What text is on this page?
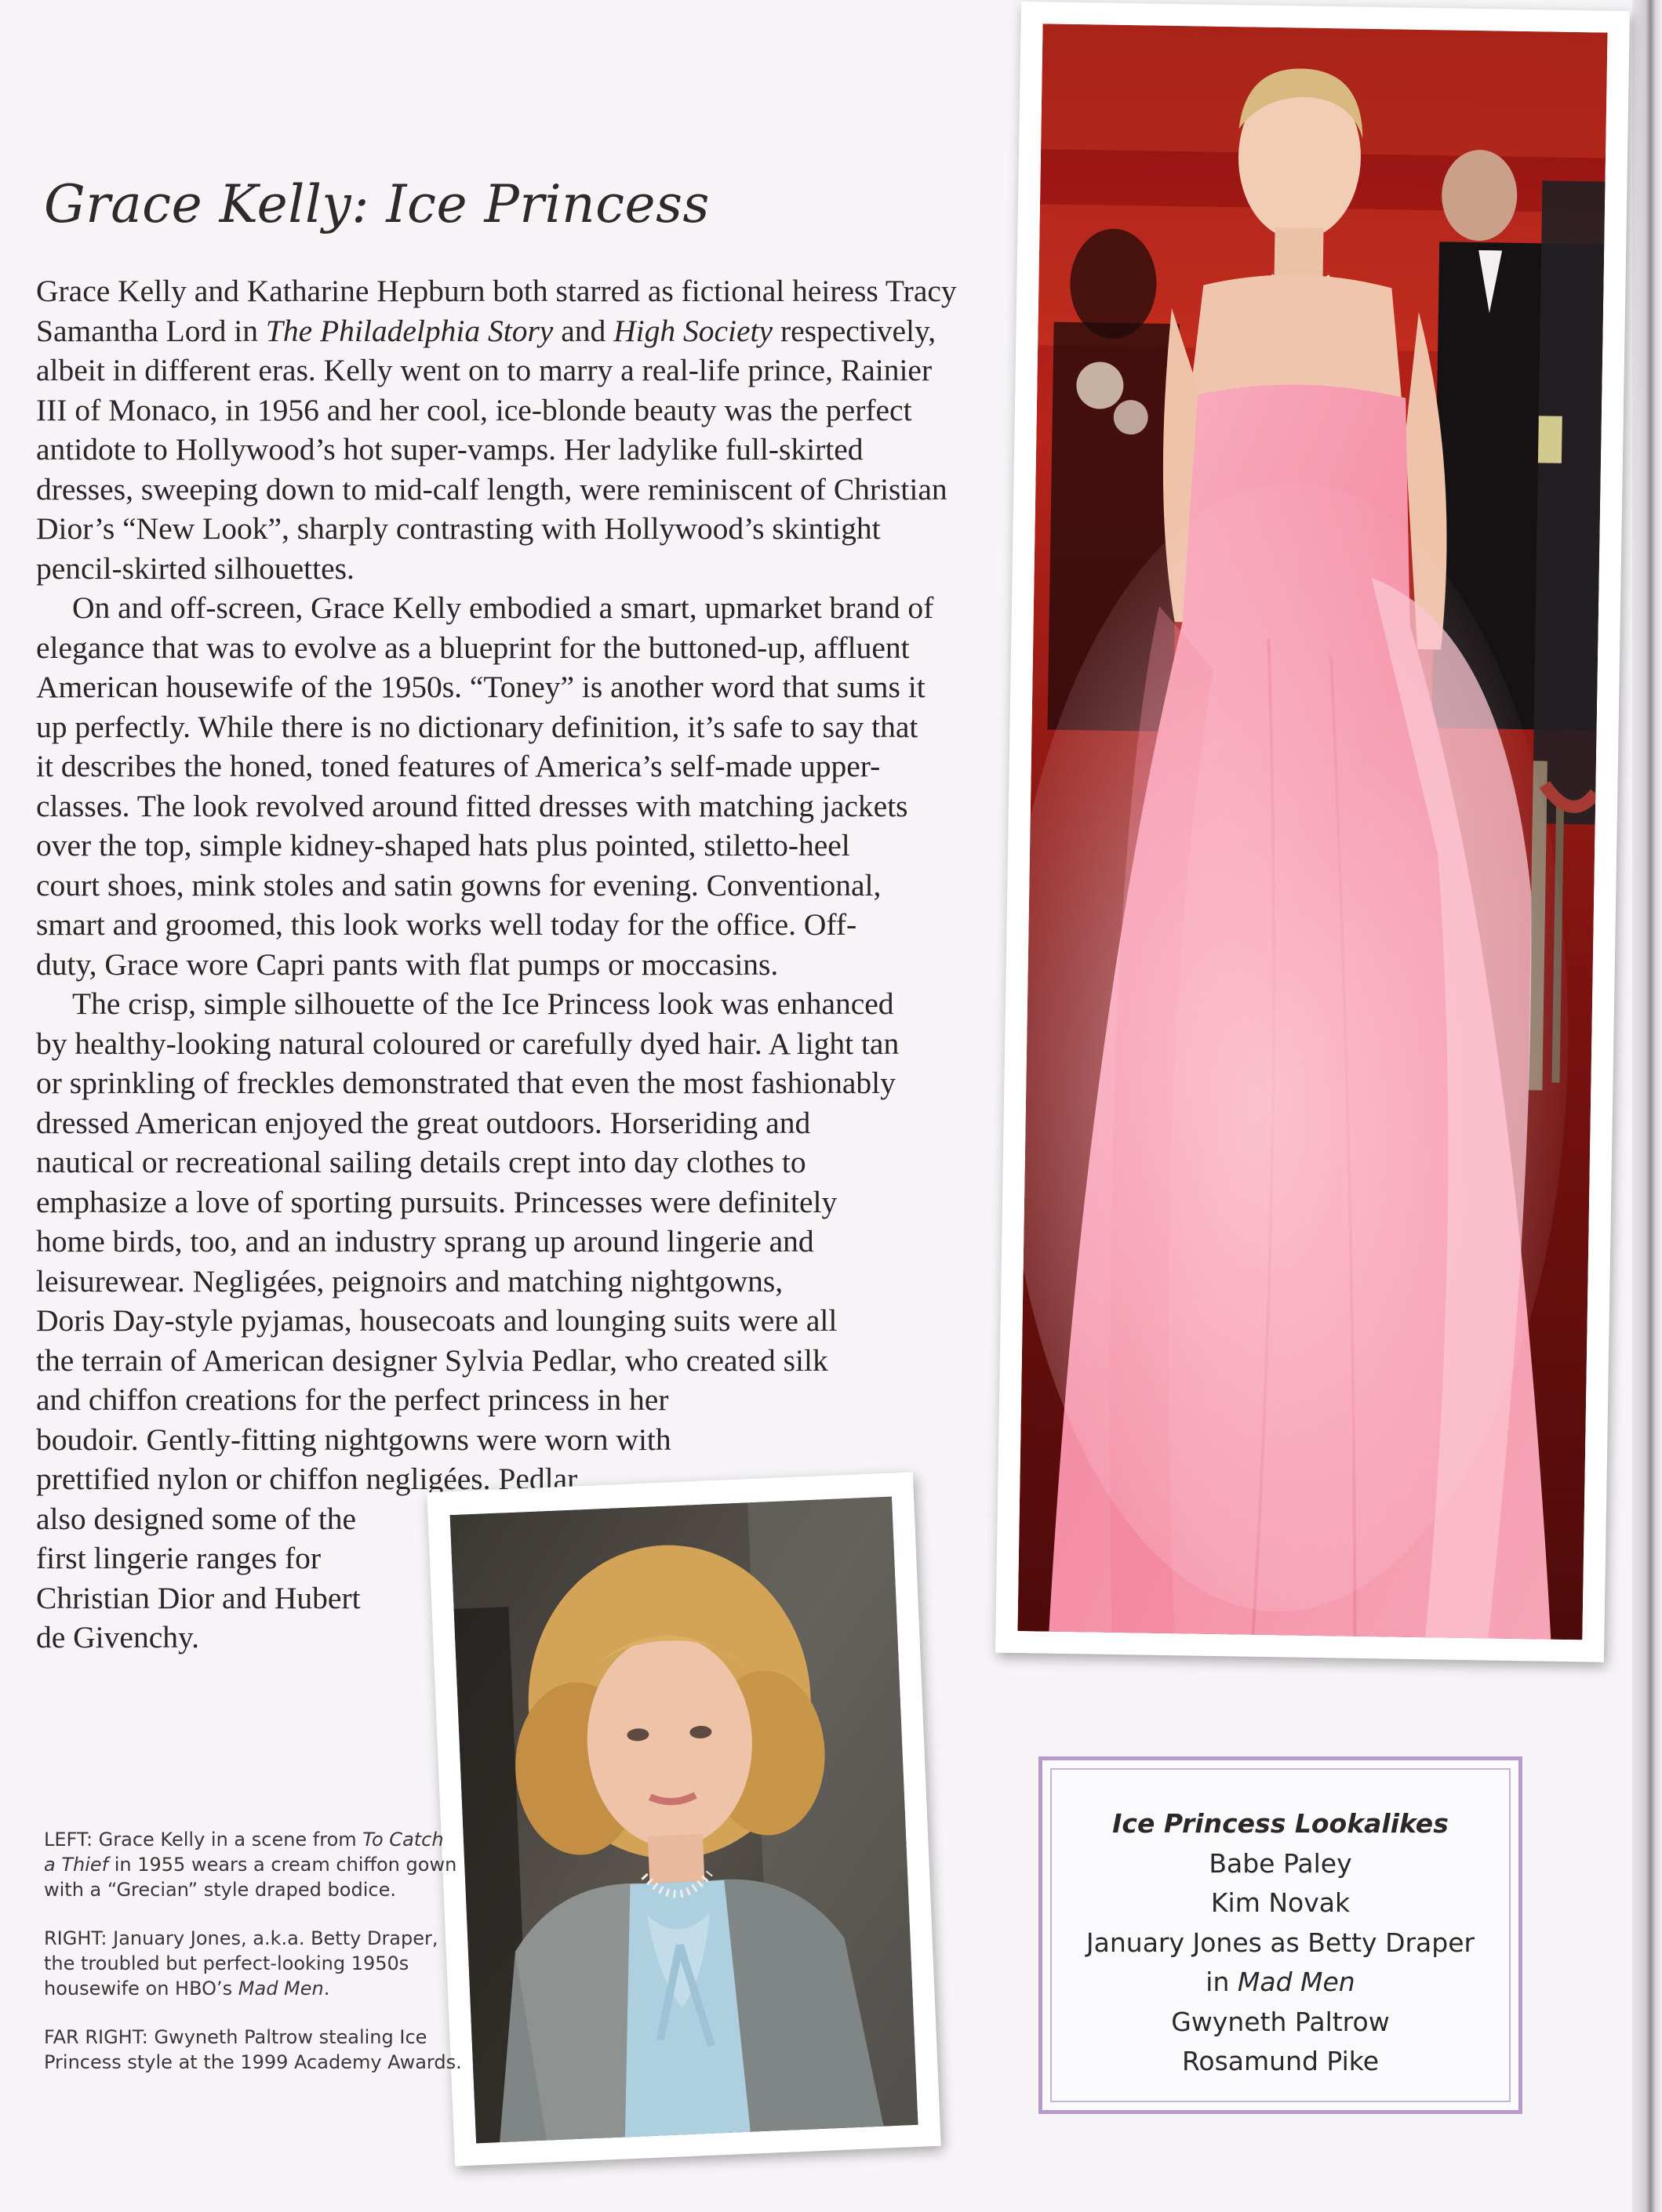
Grace Kelly: Ice Princess
Grace Kelly and Katharine Hepburn both starred as fictional heiress Tracy
Samantha Lord in The Philadelphia Story and High Society respectively,
albeit in different eras. Kelly went on to marry a real-life prince, Rainier
III of Monaco, in 1956 and her cool, ice-blonde beauty was the perfect
antidote to Hollywood’s hot super-vamps. Her ladylike full-skirted
dresses, sweeping down to mid-calf length, were reminiscent of Christian
Dior’s “New Look”, sharply contrasting with Hollywood’s skintight
pencil-skirted silhouettes.
On and off-screen, Grace Kelly embodied a smart, upmarket brand of
elegance that was to evolve as a blueprint for the buttoned-up, affluent
American housewife of the 1950s. “Toney” is another word that sums it
up perfectly. While there is no dictionary definition, it’s safe to say that
it describes the honed, toned features of America’s self-made upper-
classes. The look revolved around fitted dresses with matching jackets
over the top, simple kidney-shaped hats plus pointed, stiletto-heel
court shoes, mink stoles and satin gowns for evening. Conventional,
smart and groomed, this look works well today for the office. Off-
duty, Grace wore Capri pants with flat pumps or moccasins.
The crisp, simple silhouette of the Ice Princess look was enhanced
by healthy-looking natural coloured or carefully dyed hair. A light tan
or sprinkling of freckles demonstrated that even the most fashionably
dressed American enjoyed the great outdoors. Horseriding and
nautical or recreational sailing details crept into day clothes to
emphasize a love of sporting pursuits. Princesses were definitely
home birds, too, and an industry sprang up around lingerie and
leisurewear. Negligées, peignoirs and matching nightgowns,
Doris Day-style pyjamas, housecoats and lounging suits were all
the terrain of American designer Sylvia Pedlar, who created silk
and chiffon creations for the perfect princess in her
boudoir. Gently-fitting nightgowns were worn with
prettified nylon or chiffon negligées. Pedlar
also designed some of the
first lingerie ranges for
Christian Dior and Hubert
de Givenchy.

LEFT: Grace Kelly in a scene from To Catch
a Thief in 1955 wears a cream chiffon gown
with a “Grecian” style draped bodice.

RIGHT: January Jones, a.k.a. Betty Draper,
the troubled but perfect-looking 1950s
housewife on HBO’s Mad Men.

FAR RIGHT: Gwyneth Paltrow stealing Ice
Princess style at the 1999 Academy Awards.

Ice Princess Lookalikes
Babe Paley
Kim Novak
January Jones as Betty Draper
in Mad Men
Gwyneth Paltrow
Rosamund Pike
